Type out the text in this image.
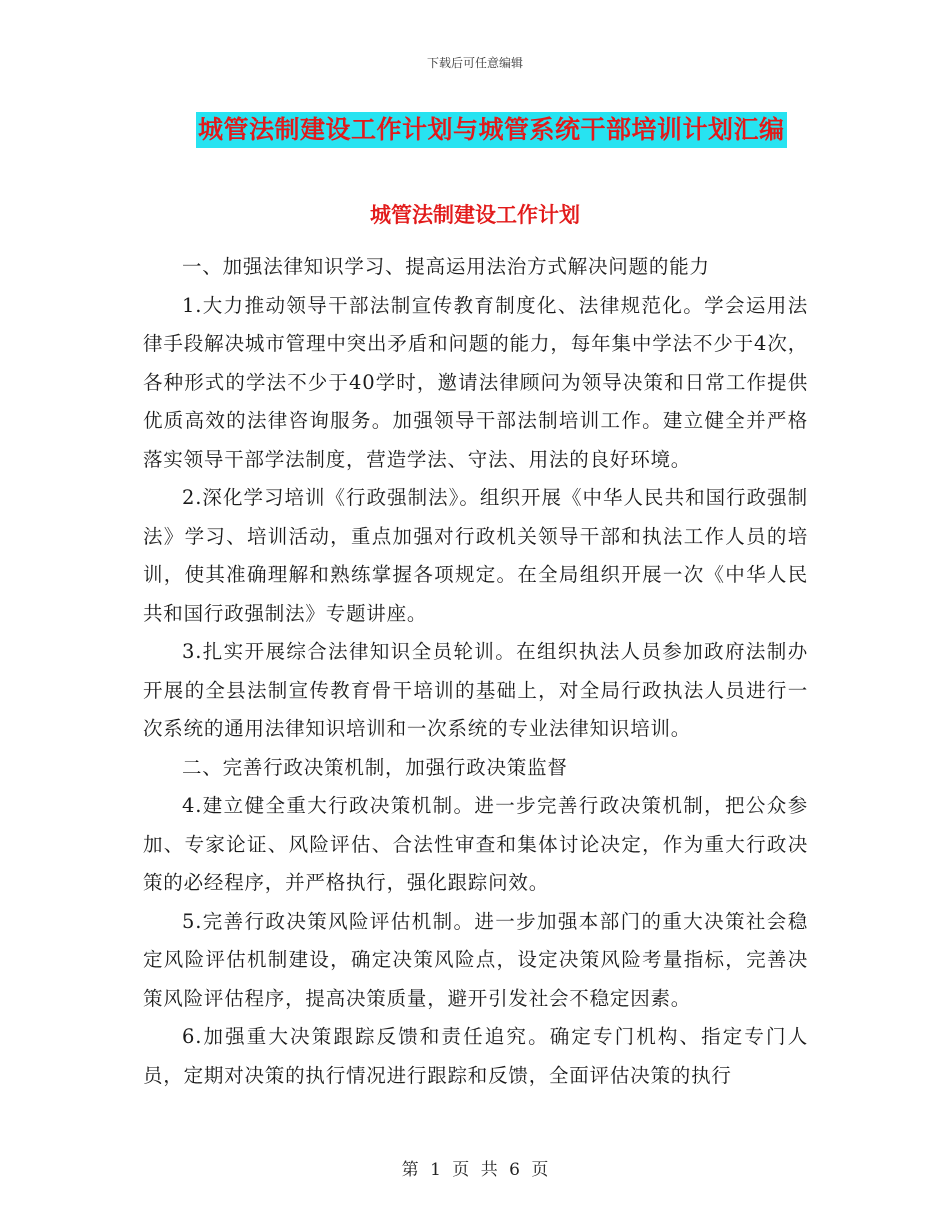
下载后可任意编辑
城管法制建设工作计划与城管系统干部培训计划汇编
城管法制建设工作计划

一、加强法律知识学习、提高运用法治方式解决问题的能力

1.大力推动领导干部法制宣传教育制度化、法律规范化。学会运用法律手段解决城市管理中突出矛盾和问题的能力，每年集中学法不少于4次，各种形式的学法不少于40学时，邀请法律顾问为领导决策和日常工作提供优质高效的法律咨询服务。加强领导干部法制培训工作。建立健全并严格落实领导干部学法制度，营造学法、守法、用法的良好环境。

2.深化学习培训《行政强制法》。组织开展《中华人民共和国行政强制法》学习、培训活动，重点加强对行政机关领导干部和执法工作人员的培训，使其准确理解和熟练掌握各项规定。在全局组织开展一次《中华人民共和国行政强制法》专题讲座。

3.扎实开展综合法律知识全员轮训。在组织执法人员参加政府法制办开展的全县法制宣传教育骨干培训的基础上，对全局行政执法人员进行一次系统的通用法律知识培训和一次系统的专业法律知识培训。

二、完善行政决策机制，加强行政决策监督

4.建立健全重大行政决策机制。进一步完善行政决策机制，把公众参加、专家论证、风险评估、合法性审查和集体讨论决定，作为重大行政决策的必经程序，并严格执行，强化跟踪问效。

5.完善行政决策风险评估机制。进一步加强本部门的重大决策社会稳定风险评估机制建设，确定决策风险点，设定决策风险考量指标，完善决策风险评估程序，提高决策质量，避开引发社会不稳定因素。

6.加强重大决策跟踪反馈和责任追究。确定专门机构、指定专门人员，定期对决策的执行情况进行跟踪和反馈，全面评估决策的执行

第 1 页 共 6 页
